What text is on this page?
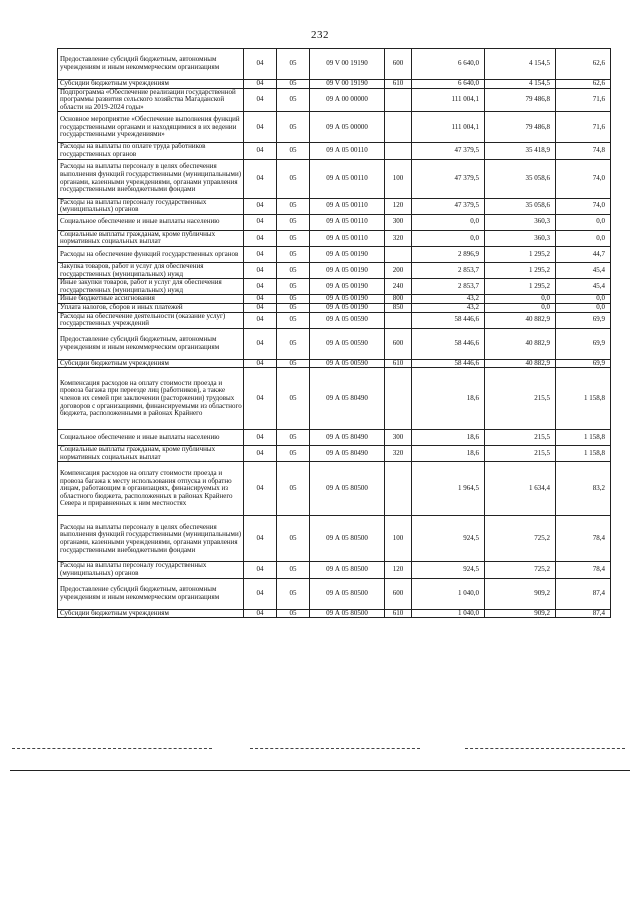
232
Предоставление субсидий бюджетным, автономным учреждениям и иным некоммерческим организациям	04	05	09 V 00 19190	600	6 640,0	4 154,5	62,6
Субсидии бюджетным учреждениям	04	05	09 V 00 19190	610	6 640,0	4 154,5	62,6
Подпрограмма «Обеспечение реализации государственной программы развития сельского хозяйства Магаданской области на 2019-2024 годы»	04	05	09 А 00 00000		111 004,1	79 486,8	71,6
Основное мероприятие «Обеспечение выполнения функций государственными органами и находящимися в их ведении государственными учреждениями»	04	05	09 А 05 00000		111 004,1	79 486,8	71,6
Расходы на выплаты по оплате труда работников государственных органов	04	05	09 А 05 00110		47 379,5	35 418,9	74,8
Расходы на выплаты персоналу в целях обеспечения выполнения функций государственными (муниципальными) органами, казенными учреждениями, органами управления государственными внебюджетными фондами	04	05	09 А 05 00110	100	47 379,5	35 058,6	74,0
Расходы на выплаты персоналу государственных (муниципальных) органов	04	05	09 А 05 00110	120	47 379,5	35 058,6	74,0
Социальное обеспечение и иные выплаты населению	04	05	09 А 05 00110	300	0,0	360,3	0,0
Социальные выплаты гражданам, кроме публичных нормативных социальных выплат	04	05	09 А 05 00110	320	0,0	360,3	0,0
Расходы на обеспечение функций государственных органов	04	05	09 А 05 00190		2 896,9	1 295,2	44,7
Закупка товаров, работ и услуг для обеспечения государственных (муниципальных) нужд	04	05	09 А 05 00190	200	2 853,7	1 295,2	45,4
Иные закупки товаров, работ и услуг для обеспечения государственных (муниципальных) нужд	04	05	09 А 05 00190	240	2 853,7	1 295,2	45,4
Иные бюджетные ассигнования	04	05	09 А 05 00190	800	43,2	0,0	0,0
Уплата налогов, сборов и иных платежей	04	05	09 А 05 00190	850	43,2	0,0	0,0
Расходы на обеспечение деятельности (оказание услуг) государственных учреждений	04	05	09 А 05 00590		58 446,6	40 882,9	69,9
Предоставление субсидий бюджетным, автономным учреждениям и иным некоммерческим организациям	04	05	09 А 05 00590	600	58 446,6	40 882,9	69,9
Субсидии бюджетным учреждениям	04	05	09 А 05 00590	610	58 446,6	40 882,9	69,9
Компенсация расходов на оплату стоимости проезда и провоза багажа при переезде лиц (работников), а также членов их семей при заключении (расторжении) трудовых договоров с организациями, финансируемыми из областного бюджета, расположенными в районах Крайнего	04	05	09 А 05 80490		18,6	215,5	1 158,8
Социальное обеспечение и иные выплаты населению	04	05	09 А 05 80490	300	18,6	215,5	1 158,8
Социальные выплаты гражданам, кроме публичных нормативных социальных выплат	04	05	09 А 05 80490	320	18,6	215,5	1 158,8
Компенсация расходов на оплату стоимости проезда и провоза багажа к месту использования отпуска и обратно лицам, работающим в организациях, финансируемых из областного бюджета, расположенных в районах Крайнего Севера и приравненных к ним местностях	04	05	09 А 05 80500		1 964,5	1 634,4	83,2
Расходы на выплаты персоналу в целях обеспечения выполнения функций государственными (муниципальными) органами, казенными учреждениями, органами управления государственными внебюджетными фондами	04	05	09 А 05 80500	100	924,5	725,2	78,4
Расходы на выплаты персоналу государственных (муниципальных) органов	04	05	09 А 05 80500	120	924,5	725,2	78,4
Предоставление субсидий бюджетным, автономным учреждениям и иным некоммерческим организациям	04	05	09 А 05 80500	600	1 040,0	909,2	87,4
Субсидии бюджетным учреждениям	04	05	09 А 05 80500	610	1 040,0	909,2	87,4
